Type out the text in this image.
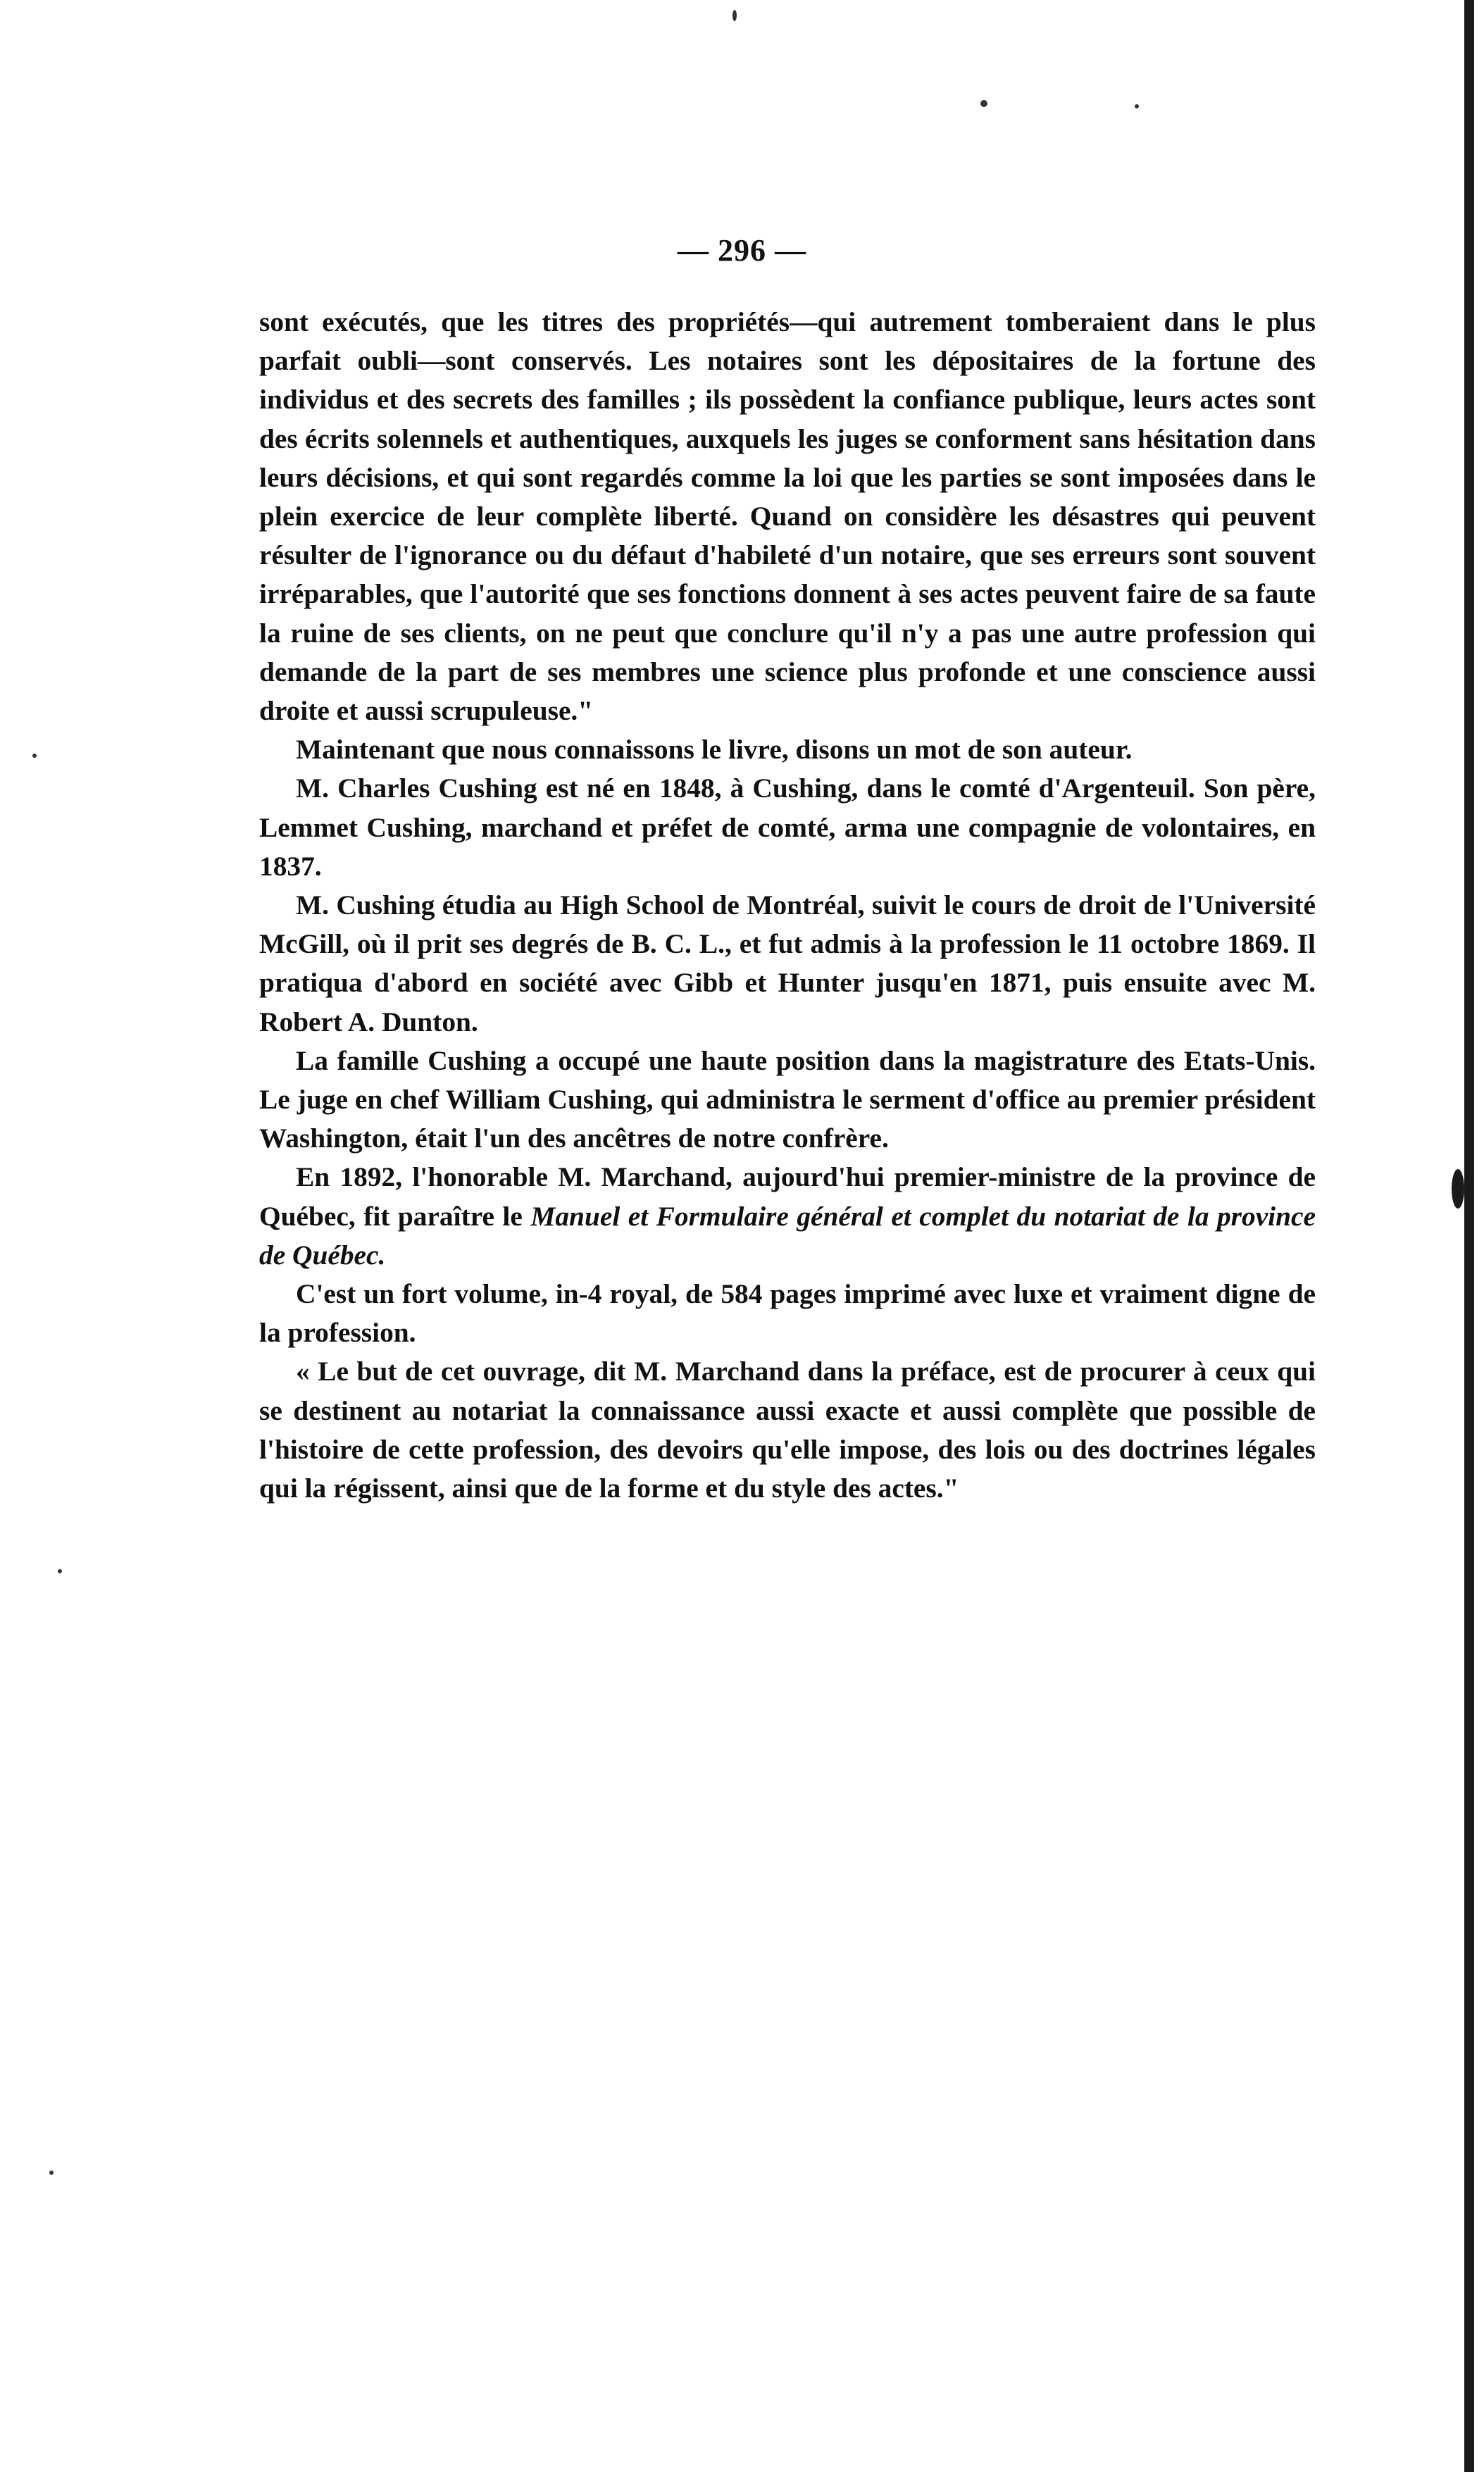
— 296 —

sont exécutés, que les titres des propriétés—qui autrement tomberaient dans le plus parfait oubli—sont conservés. Les notaires sont les dépositaires de la fortune des individus et des secrets des familles ; ils possèdent la confiance publique, leurs actes sont des écrits solennels et authentiques, auxquels les juges se conforment sans hésitation dans leurs décisions, et qui sont regardés comme la loi que les parties se sont imposées dans le plein exercice de leur complète liberté. Quand on considère les désastres qui peuvent résulter de l'ignorance ou du défaut d'habileté d'un notaire, que ses erreurs sont souvent irréparables, que l'autorité que ses fonctions donnent à ses actes peuvent faire de sa faute la ruine de ses clients, on ne peut que conclure qu'il n'y a pas une autre profession qui demande de la part de ses membres une science plus profonde et une conscience aussi droite et aussi scrupuleuse."

Maintenant que nous connaissons le livre, disons un mot de son auteur.

M. Charles Cushing est né en 1848, à Cushing, dans le comté d'Argenteuil. Son père, Lemmet Cushing, marchand et préfet de comté, arma une compagnie de volontaires, en 1837.

M. Cushing étudia au High School de Montréal, suivit le cours de droit de l'Université McGill, où il prit ses degrés de B. C. L., et fut admis à la profession le 11 octobre 1869. Il pratiqua d'abord en société avec Gibb et Hunter jusqu'en 1871, puis ensuite avec M. Robert A. Dunton.

La famille Cushing a occupé une haute position dans la magistrature des Etats-Unis. Le juge en chef William Cushing, qui administra le serment d'office au premier président Washington, était l'un des ancêtres de notre confrère.

En 1892, l'honorable M. Marchand, aujourd'hui premier-ministre de la province de Québec, fit paraître le Manuel et Formulaire général et complet du notariat de la province de Québec.

C'est un fort volume, in-4 royal, de 584 pages imprimé avec luxe et vraiment digne de la profession.

« Le but de cet ouvrage, dit M. Marchand dans la préface, est de procurer à ceux qui se destinent au notariat la connaissance aussi exacte et aussi complète que possible de l'histoire de cette profession, des devoirs qu'elle impose, des lois ou des doctrines légales qui la régissent, ainsi que de la forme et du style des actes."
